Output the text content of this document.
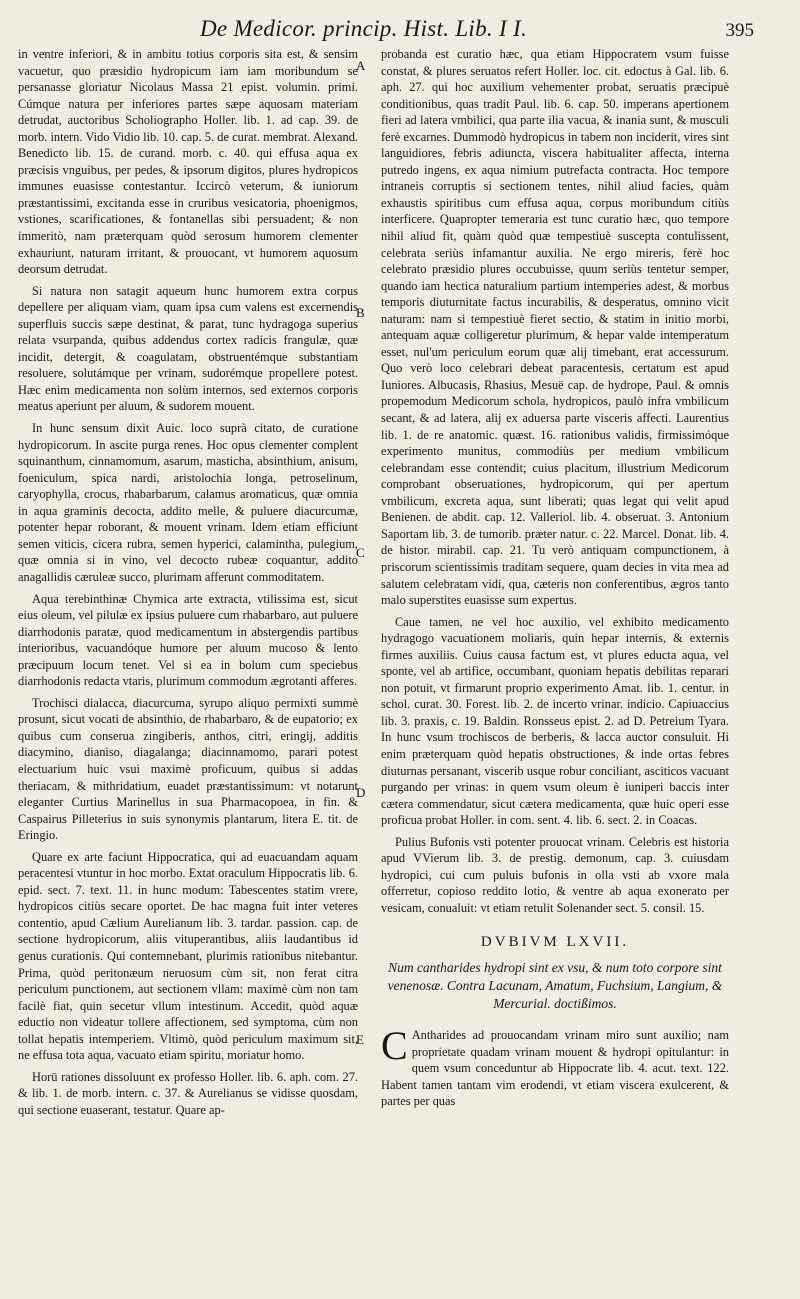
De Medicor. princip. Hist. Lib. I I.	395
A
B
C
D
E

in ventre inferiori, & in ambitu totius corporis sita est, & sensim vacuetur, quo præsidio hydropicum iam iam moribundum se persanasse gloriatur Nicolaus Massa 21 epist. volumin. primi. Cúmque natura per inferiores partes sæpe aquosam materiam detrudat, auctoribus Scholiographo Holler. lib. 1. ad cap. 39. de morb. intern. Vido Vidio lib. 10. cap. 5. de curat. membrat. Alexand. Benedicto lib. 15. de curand. morb. c. 40. qui effusa aqua ex præcisis vnguibus, per pedes, & ipsorum digitos, plures hydropicos immunes euasisse contestantur. Iccircò veterum, & iuniorum præstantissimi, excitanda esse in cruribus vesicatoria, phoenigmos, vstiones, scarificationes, & fontanellas sibi persuadent; & non immeritò, nam præterquam quòd serosum humorem clementer exhauriunt, naturam irritant, & prouocant, vt humorem aquosum deorsum detrudat.

Si natura non satagit aqueum hunc humorem extra corpus depellere per aliquam viam, quam ipsa cum valens est excernendis superfluis succis sæpe destinat, & parat, tunc hydragoga superius relata vsurpanda, quibus addendus cortex radicis frangulæ, quæ incidit, detergit, & coagulatam, obstruentémque substantiam resoluere, solutámque per vrinam, sudorémque propellere potest. Hæc enim medicamenta non solùm internos, sed externos corporis meatus aperiunt per aluum, & sudorem mouent.

In hunc sensum dixit Auic. loco suprà citato, de curatione hydropicorum. In ascite purga renes. Hoc opus clementer complent squinanthum, cinnamomum, asarum, masticha, absinthium, anisum, foeniculum, spica nardi, aristolochia longa, petroselinum, caryophylla, crocus, rhabarbarum, calamus aromaticus, quæ omnia in aqua graminis decocta, addito melle, & puluere diacurcumæ, potenter hepar roborant, & mouent vrinam. Idem etiam efficiunt semen viticis, cicera rubra, semen hyperici, calamintha, pulegium, quæ omnia si in vino, vel decocto rubeæ coquantur, addito anagallidis cæruleæ succo, plurimam afferunt commoditatem.

Aqua terebinthinæ Chymica arte extracta, vtilissima est, sicut eius oleum, vel pilulæ ex ipsius puluere cum rhabarbaro, aut puluere diarrhodonis paratæ, quod medicamentum in abstergendis partibus interioribus, vacuandóque humore per aluum mucoso & lento præcipuum locum tenet. Vel si ea in bolum cum speciebus diarrhodonis redacta vtaris, plurimum commodum ægrotanti afferes.

Trochisci dialacca, diacurcuma, syrupo aliquo permixti summè prosunt, sicut vocati de absinthio, de rhabarbaro, & de eupatorio; ex quibus cum conserua zingiberis, anthos, citri, eringij, additis diacymino, dianiso, diagalanga; diacinnamomo, parari potest electuarium huic vsui maximè proficuum, quibus si addas theriacam, & mithridatium, euadet præstantissimum: vt notarunt eleganter Curtius Marinellus in sua Pharmacopoea, in fin. & Caspairus Pilleterius in suis synonymis plantarum, litera E. tit. de Eringio.

Quare ex arte faciunt Hippocratica, qui ad euacuandam aquam peracentesi vtuntur in hoc morbo. Extat oraculum Hippocratis lib. 6. epid. sect. 7. text. 11. in hunc modum: Tabescentes statim vrere, hydropicos citiùs secare oportet. De hac magna fuit inter veteres contentio, apud Cælium Aurelianum lib. 3. tardar. passion. cap. de sectione hydropicorum, aliis vituperantibus, aliis laudantibus id genus curationis. Qui contemnebant, plurimis rationibus nitebantur. Prima, quòd peritonæum neruosum cùm sit, non ferat citra periculum punctionem, aut sectionem vllam: maximè cùm non tam facilè fiat, quin secetur vllum intestinum. Accedit, quòd aquæ eductio non videatur tollere affectionem, sed symptoma, cùm non tollat hepatis intemperiem. Vltimò, quòd periculum maximum sit, ne effusa tota aqua, vacuato etiam spiritu, moriatur homo.

Horū rationes dissoluunt ex professo Holler. lib. 6. aph. com. 27. & lib. 1. de morb. intern. c. 37. & Aurelianus se vidisse quosdam, qui sectione euaserant, testatur. Quare ap-

probanda est curatio hæc, qua etiam Hippocratem vsum fuisse constat, & plures seruatos refert Holler. loc. cit. edoctus à Gal. lib. 6. aph. 27. qui hoc auxilium vehementer probat, seruatis præcipuè conditionibus, quas tradit Paul. lib. 6. cap. 50. imperans apertionem fieri ad latera vmbilici, qua parte ilia vacua, & inania sunt, & musculi ferè excarnes. Dummodò hydropicus in tabem non inciderit, vires sint languidiores, febris adiuncta, viscera habitualiter affecta, interna putredo ingens, ex aqua nimium putrefacta contracta. Hoc tempore intraneis corruptis si sectionem tentes, nihil aliud facies, quàm exhaustis spiritibus cum effusa aqua, corpus moribundum citiùs interficere. Quapropter temeraria est tunc curatio hæc, quo tempore nihil aliud fit, quàm quòd quæ tempestiuè suscepta contulissent, celebrata seriùs infamantur auxilia. Ne ergo mireris, ferè hoc celebrato præsidio plures occubuisse, quum seriùs tentetur semper, quando iam hectica naturalium partium intemperies adest, & morbus temporis diuturnitate factus incurabilis, & desperatus, omnino vicit naturam: nam si tempestiuè fieret sectio, & statim in initio morbi, antequam aquæ colligeretur plurimum, & hepar valde intemperatum esset, nul'um periculum eorum quæ alij timebant, erat accessurum. Quo verò loco celebrari debeat paracentesis, certatum est apud Iuniores. Albucasis, Rhasius, Mesuë cap. de hydrope, Paul. & omnis propemodum Medicorum schola, hydropicos, paulò infra vmbilicum secant, & ad latera, alij ex aduersa parte visceris affecti. Laurentius lib. 1. de re anatomic. quæst. 16. rationibus validis, firmissimóque experimento munitus, commodiùs per medium vmbilicum celebrandam esse contendit; cuius placitum, illustrium Medicorum comprobant obseruationes, hydropicorum, qui per apertum vmbilicum, excreta aqua, sunt liberati; quas legat qui velit apud Benienen. de abdit. cap. 12. Valleriol. lib. 4. obseruat. 3. Antonium Saportam lib. 3. de tumorib. præter natur. c. 22. Marcel. Donat. lib. 4. de histor. mirabil. cap. 21. Tu verò antiquam compunctionem, à priscorum scientissimis traditam sequere, quam decies in vita mea ad salutem celebratam vidi, qua, cæteris non conferentibus, ægros tanto malo superstites euasisse sum expertus.

Caue tamen, ne vel hoc auxilio, vel exhibito medicamento hydragogo vacuationem moliaris, quin hepar internis, & externis firmes auxiliis. Cuius causa factum est, vt plures educta aqua, vel sponte, vel ab artifice, occumbant, quoniam hepatis debilitas reparari non potuit, vt firmarunt proprio experimento Amat. lib. 1. centur. in schol. curat. 30. Forest. lib. 2. de incerto vrinar. indicio. Capiuaccius lib. 3. praxis, c. 19. Baldin. Ronsseus epist. 2. ad D. Petreium Tyara. In hunc vsum trochiscos de berberis, & lacca auctor consuluit. Hi enim præterquam quòd hepatis obstructiones, & inde ortas febres diuturnas persanant, viscerib usque robur conciliant, asciticos vacuant purgando per vrinas: in quem vsum oleum è iuniperi baccis inter cætera commendatur, sicut cætera medicamenta, quæ huic operi esse proficua probat Holler. in com. sent. 4. lib. 6. sect. 2. in Coacas.

Pulius Bufonis vsti potenter prouocat vrinam. Celebris est historia apud VVierum lib. 3. de prestig. demonum, cap. 3. cuiusdam hydropici, cui cum puluis bufonis in olla vsti ab vxore mala offerretur, copioso reddito lotio, & ventre ab aqua exonerato per vesicam, conualuit: vt etiam retulit Solenander sect. 5. consil. 15.

DVBIVM LXVII.
Num cantharides hydropi sint ex vsu, & num toto corpore sint venenosæ. Contra Lacunam, Amatum, Fuchsium, Langium, & Mercurial. doctißimos.

C Antharides ad prouocandam vrinam miro sunt auxilio; nam proprietate quadam vrinam mouent & hydropi opitulantur: in quem vsum conceduntur ab Hippocrate lib. 4. acut. text. 122. Habent tamen tantam vim erodendi, vt etiam viscera exulcerent, & partes per quas
